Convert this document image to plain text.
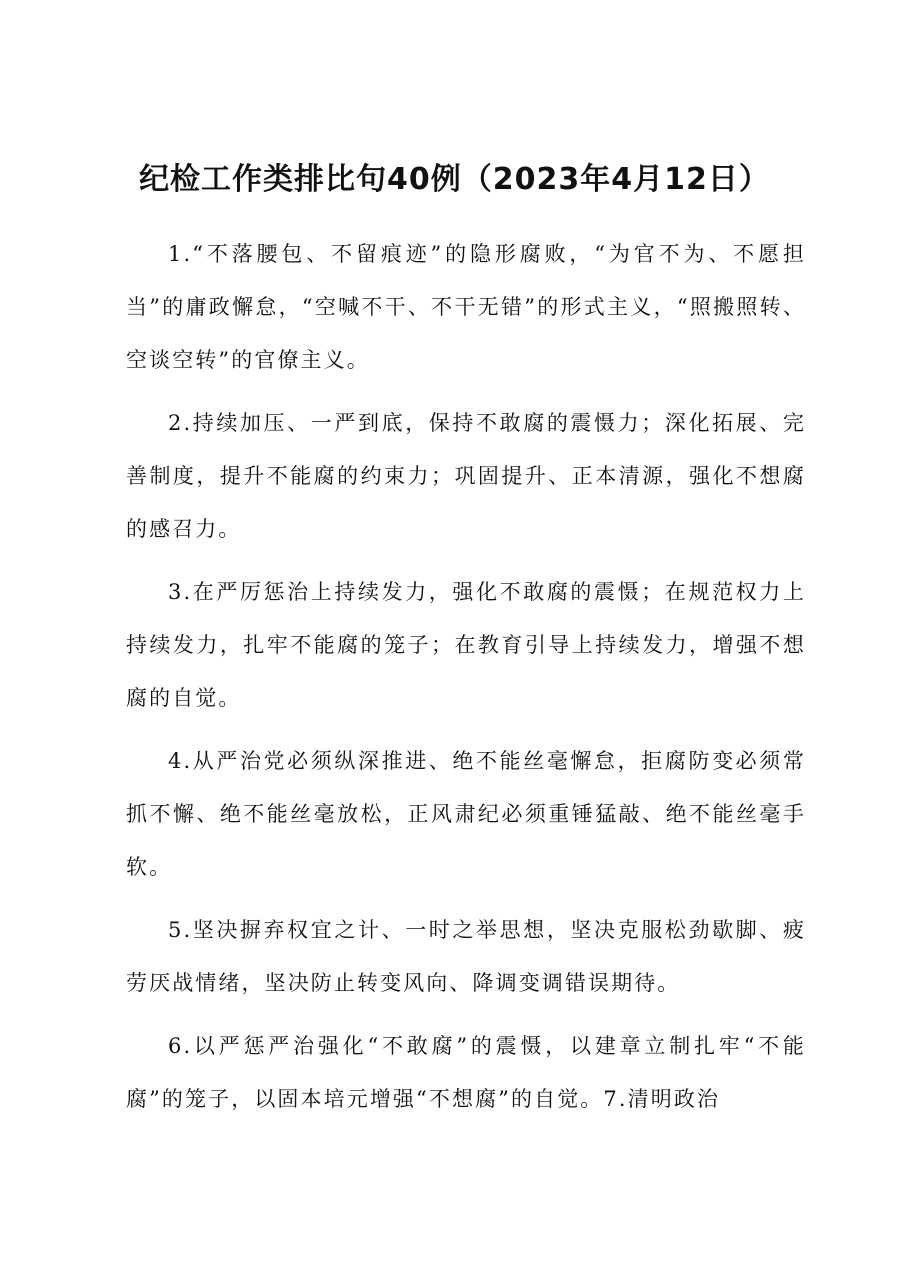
纪检工作类排比句40例（2023年4月12日）

1.“不落腰包、不留痕迹”的隐形腐败，“为官不为、不愿担当”的庸政懈怠，“空喊不干、不干无错”的形式主义，“照搬照转、空谈空转”的官僚主义。

2.持续加压、一严到底，保持不敢腐的震慑力；深化拓展、完善制度，提升不能腐的约束力；巩固提升、正本清源，强化不想腐的感召力。

3.在严厉惩治上持续发力，强化不敢腐的震慑；在规范权力上持续发力，扎牢不能腐的笼子；在教育引导上持续发力，增强不想腐的自觉。

4.从严治党必须纵深推进、绝不能丝毫懈怠，拒腐防变必须常抓不懈、绝不能丝毫放松，正风肃纪必须重锤猛敲、绝不能丝毫手软。

5.坚决摒弃权宜之计、一时之举思想，坚决克服松劲歇脚、疲劳厌战情绪，坚决防止转变风向、降调变调错误期待。

6.以严惩严治强化“不敢腐”的震慑，以建章立制扎牢“不能腐”的笼子，以固本培元增强“不想腐”的自觉。7.清明政治
